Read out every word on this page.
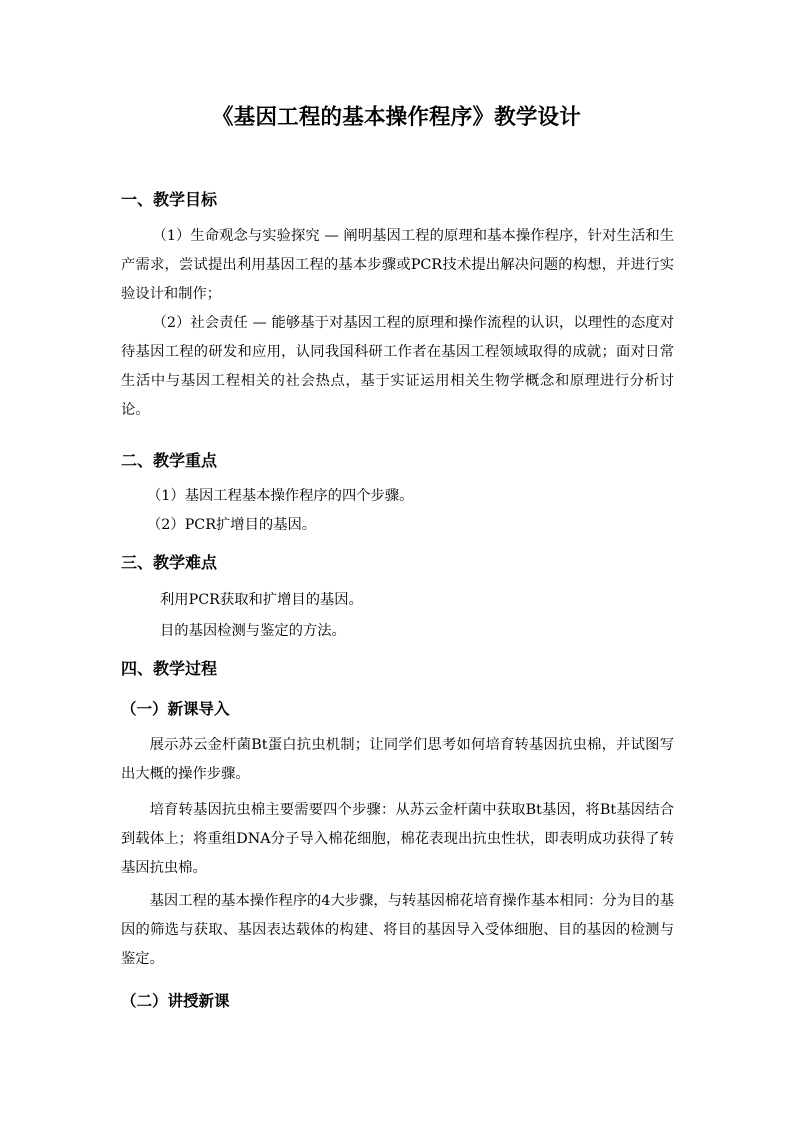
《基因工程的基本操作程序》教学设计
一、教学目标
（1）生命观念与实验探究 — 阐明基因工程的原理和基本操作程序，针对生活和生产需求，尝试提出利用基因工程的基本步骤或PCR技术提出解决问题的构想，并进行实验设计和制作；
（2）社会责任 — 能够基于对基因工程的原理和操作流程的认识，以理性的态度对待基因工程的研发和应用，认同我国科研工作者在基因工程领域取得的成就；面对日常生活中与基因工程相关的社会热点，基于实证运用相关生物学概念和原理进行分析讨论。
二、教学重点
（1）基因工程基本操作程序的四个步骤。
（2）PCR扩增目的基因。
三、教学难点
利用PCR获取和扩增目的基因。
目的基因检测与鉴定的方法。
四、教学过程
（一）新课导入
展示苏云金杆菌Bt蛋白抗虫机制；让同学们思考如何培育转基因抗虫棉，并试图写出大概的操作步骤。
培育转基因抗虫棉主要需要四个步骤：从苏云金杆菌中获取Bt基因，将Bt基因结合到载体上；将重组DNA分子导入棉花细胞，棉花表现出抗虫性状，即表明成功获得了转基因抗虫棉。
基因工程的基本操作程序的4大步骤，与转基因棉花培育操作基本相同：分为目的基因的筛选与获取、基因表达载体的构建、将目的基因导入受体细胞、目的基因的检测与鉴定。
（二）讲授新课
